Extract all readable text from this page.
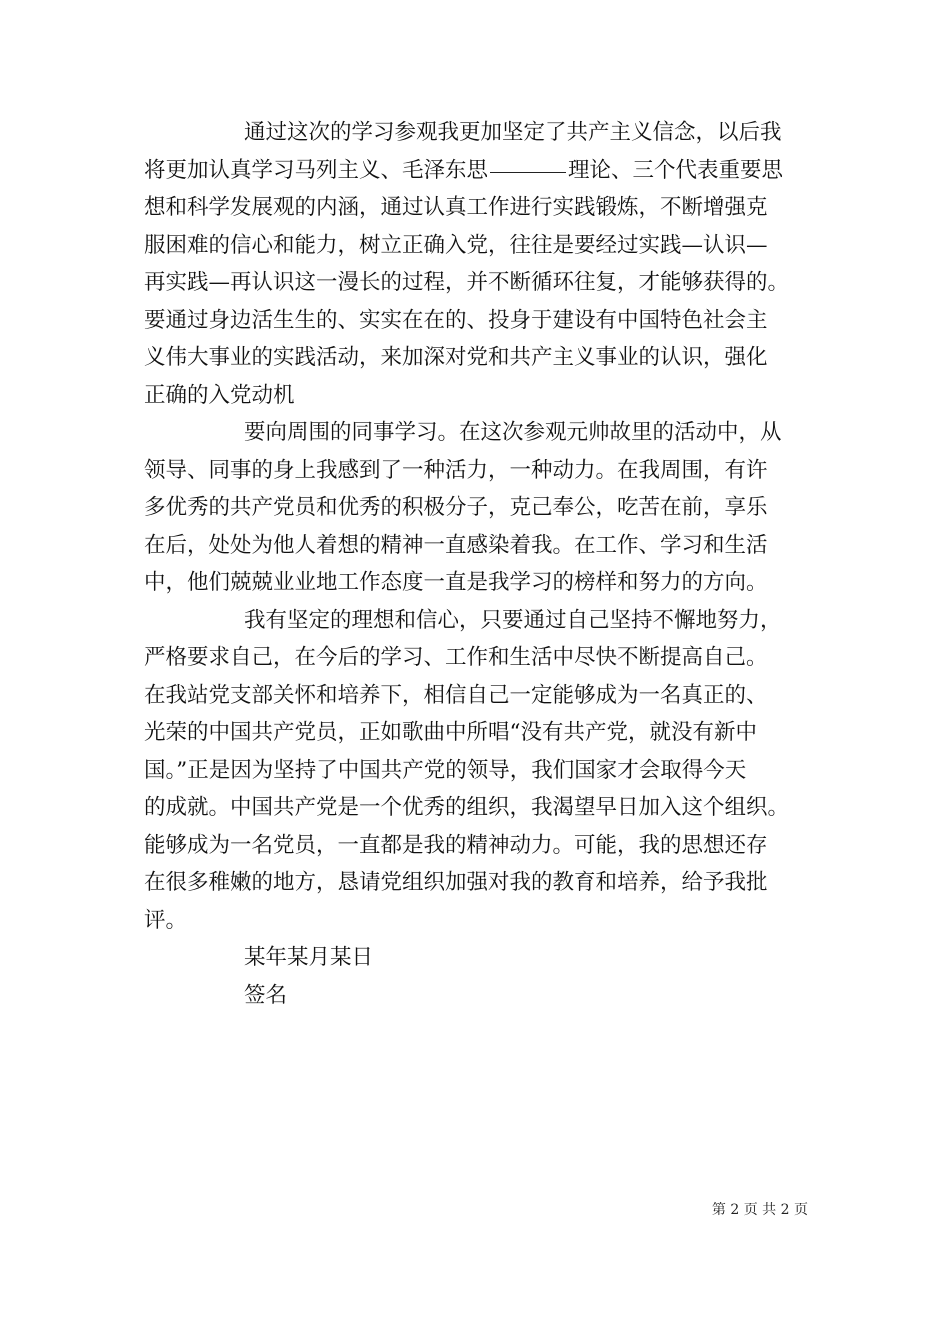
通过这次的学习参观我更加坚定了共产主义信念，以后我
将更加认真学习马列主义、毛泽东思	理论、三个代表重要思
想和科学发展观的内涵，通过认真工作进行实践锻炼，不断增强克
服困难的信心和能力，树立正确入党，往往是要经过实践—认识—
再实践—再认识这一漫长的过程，并不断循环往复，才能够获得的。
要通过身边活生生的、实实在在的、投身于建设有中国特色社会主
义伟大事业的实践活动，来加深对党和共产主义事业的认识，强化
正确的入党动机
要向周围的同事学习。在这次参观元帅故里的活动中，从
领导、同事的身上我感到了一种活力，一种动力。在我周围，有许
多优秀的共产党员和优秀的积极分子，克己奉公，吃苦在前，享乐
在后，处处为他人着想的精神一直感染着我。在工作、学习和生活
中，他们兢兢业业地工作态度一直是我学习的榜样和努力的方向。
我有坚定的理想和信心，只要通过自己坚持不懈地努力，
严格要求自己，在今后的学习、工作和生活中尽快不断提高自己。
在我站党支部关怀和培养下，相信自己一定能够成为一名真正的、
光荣的中国共产党员，正如歌曲中所唱“没有共产党，就没有新中
国。”正是因为坚持了中国共产党的领导，我们国家才会取得今天
的成就。中国共产党是一个优秀的组织，我渴望早日加入这个组织。
能够成为一名党员，一直都是我的精神动力。可能，我的思想还存
在很多稚嫩的地方，恳请党组织加强对我的教育和培养，给予我批
评。
某年某月某日
签名
第 2 页 共 2 页
